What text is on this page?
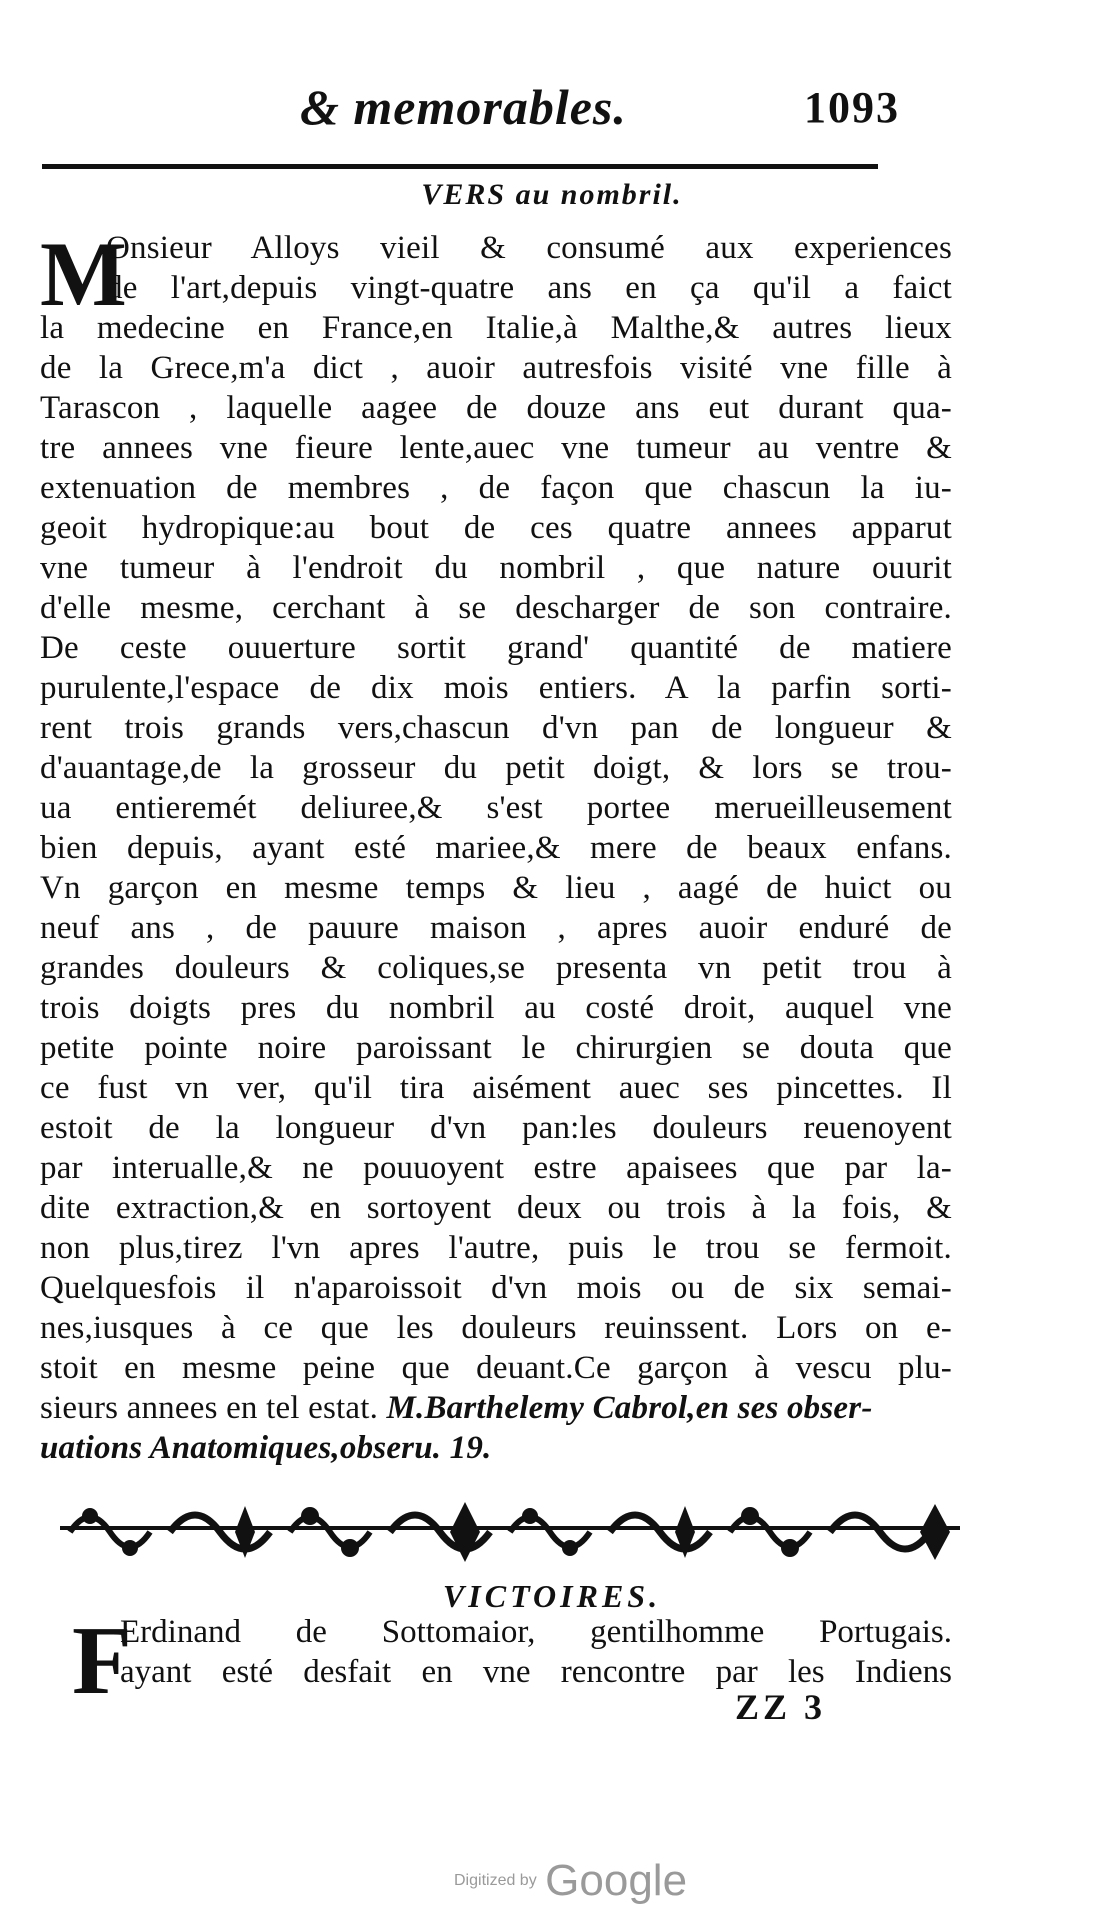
& memorables.	1093
VERS au nombril.
M
Onsieur Alloys vieil & consumé aux experiences
de l'art,depuis vingt-quatre ans en ça qu'il a faict
la medecine en France,en Italie,à Malthe,& autres lieux
de la Grece,m'a dict , auoir autresfois visité vne fille à
Tarascon , laquelle aagee de douze ans eut durant qua-
tre annees vne fieure lente,auec vne tumeur au ventre &
extenuation de membres , de façon que chascun la iu-
geoit hydropique:au bout de ces quatre annees apparut
vne tumeur à l'endroit du nombril , que nature ouurit
d'elle mesme, cerchant à se descharger de son contraire.
De ceste ouuerture sortit grand' quantité de matiere
purulente,l'espace de dix mois entiers. A la parfin sorti-
rent trois grands vers,chascun d'vn pan de longueur &
d'auantage,de la grosseur du petit doigt, & lors se trou-
ua entieremét deliuree,& s'est portee merueilleusement
bien depuis, ayant esté mariee,& mere de beaux enfans.
Vn garçon en mesme temps & lieu , aagé de huict ou
neuf ans , de pauure maison , apres auoir enduré de
grandes douleurs & coliques,se presenta vn petit trou à
trois doigts pres du nombril au costé droit, auquel vne
petite pointe noire paroissant le chirurgien se douta que
ce fust vn ver, qu'il tira aisément auec ses pincettes. Il
estoit de la longueur d'vn pan:les douleurs reuenoyent
par interualle,& ne pouuoyent estre apaisees que par la-
dite extraction,& en sortoyent deux ou trois à la fois, &
non plus,tirez l'vn apres l'autre, puis le trou se fermoit.
Quelquesfois il n'aparoissoit d'vn mois ou de six semai-
nes,iusques à ce que les douleurs reuinssent. Lors on e-
stoit en mesme peine que deuant.Ce garçon à vescu plu-
sieurs annees en tel estat. M.Barthelemy Cabrol,en ses obser-
uations Anatomiques,obseru. 19.
VICTOIRES.
F
Erdinand de Sottomaior, gentilhomme Portugais.
ayant esté desfait en vne rencontre par les Indiens
ZZ 3
Digitized by Google
